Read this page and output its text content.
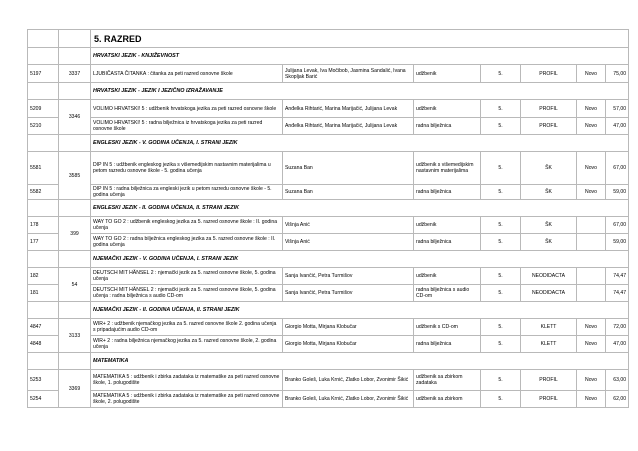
		5. RAZRED						
		HRVATSKI JEZIK - KNJIŽEVNOST						
5197	3337	LJUBIČASTA ČITANKA : čitanka za peti razred osnovne škole	Julijana Levak, Iva Močibob, Jasmina Sandalić, Ivana Skopljak Barić	udžbenik	5.	PROFIL	Novo	75,00
		HRVATSKI JEZIK - JEZIK I JEZIČNO IZRAŽAVANJE						
5209	3346	VOLIMO HRVATSKI! 5 : udžbenik hrvatskoga jezika za peti razred osnovne škole	Anđelka Rihtarić, Marina Marijačić, Julijana Levak	udžbenik	5.	PROFIL	Novo	57,00
5210		VOLIMO HRVATSKI! 5 : radna bilježnica iz hrvatskoga jezika za peti razred osnovne škole	Anđelka Rihtarić, Marina Marijačić, Julijana Levak	radna bilježnica	5.	PROFIL	Novo	47,00
		ENGLESKI JEZIK - V. GODINA UČENJA, I. STRANI JEZIK						
5581	3585	DIP IN 5 : udžbenik engleskog jezika s višemedijskim nastavnim materijalima u petom razredu osnovne škole - 5. godina učenja	Suzana Ban	udžbenik s višemedijskim nastavnim materijalima	5.	ŠK	Novo	67,00
5582		DIP IN 5 : radna bilježnica za engleski jezik u petom razredu osnovne škole - 5. godina učenja	Suzana Ban	radna bilježnica	5.	ŠK	Novo	59,00
		ENGLESKI JEZIK - II. GODINA UČENJA, II. STRANI JEZIK						
178	399	WAY TO GO 2 : udžbenik engleskog jezika za 5. razred osnovne škole : II. godina učenja	Višnja Anić	udžbenik	5.	ŠK		67,00
177		WAY TO GO 2 : radna bilježnica engleskog jezika za 5. razred osnovne škole : II. godina učenja	Višnja Anić	radna bilježnica	5.	ŠK		59,00
		NJEMAČKI JEZIK - V. GODINA UČENJA, I. STRANI JEZIK						
182	54	DEUTSCH MIT HÄNSEL 2 : njemački jezik za 5. razred osnovne škole, 5. godina učenja	Sanja Ivančić, Petra Turmišov	udžbenik	5.	NEODIDACTA		74,47
181		DEUTSCH MIT HÄNSEL 2 : njemački jezik za 5. razred osnovne škole, 5. godina učenja : radna bilježnica s audio CD-om	Sanja Ivančić, Petra Turmišov	radna bilježnica s audio CD-om	5.	NEODIDACTA		74,47
		NJEMAČKI JEZIK - II. GODINA UČENJA, II. STRANI JEZIK						
4847	3133	WIR+ 2 : udžbenik njemačkog jezika za 5. razred osnovne škole 2. godina učenja s pripadajućim audio CD-om	Giorgio Motta, Mirjana Klobučar	udžbenik s CD-om	5.	KLETT	Novo	72,00
4848		WIR+ 2 : radna bilježnica njemačkog jezika za 5. razred osnovne škole, 2. godina učenja	Giorgio Motta, Mirjana Klobučar	radna bilježnica	5.	KLETT	Novo	47,00
		MATEMATIKA						
5253	3369	MATEMATIKA 5 : udžbenik i zbirka zadataka iz matematike za peti razred osnovne škole, 1. polugodište	Branko Goleš, Luka Krnić, Zlatko Lobor, Zvonimir Šikić	udžbenik sa zbirkom zadataka	5.	PROFIL	Novo	63,00
5254		MATEMATIKA 5 : udžbenik i zbirka zadataka iz matematike za peti razred osnovne škole, 2. polugodište	Branko Goleš, Luka Krnić, Zlatko Lobor, Zvonimir Šikić	udžbenik sa zbirkom	5.	PROFIL	Novo	62,00
